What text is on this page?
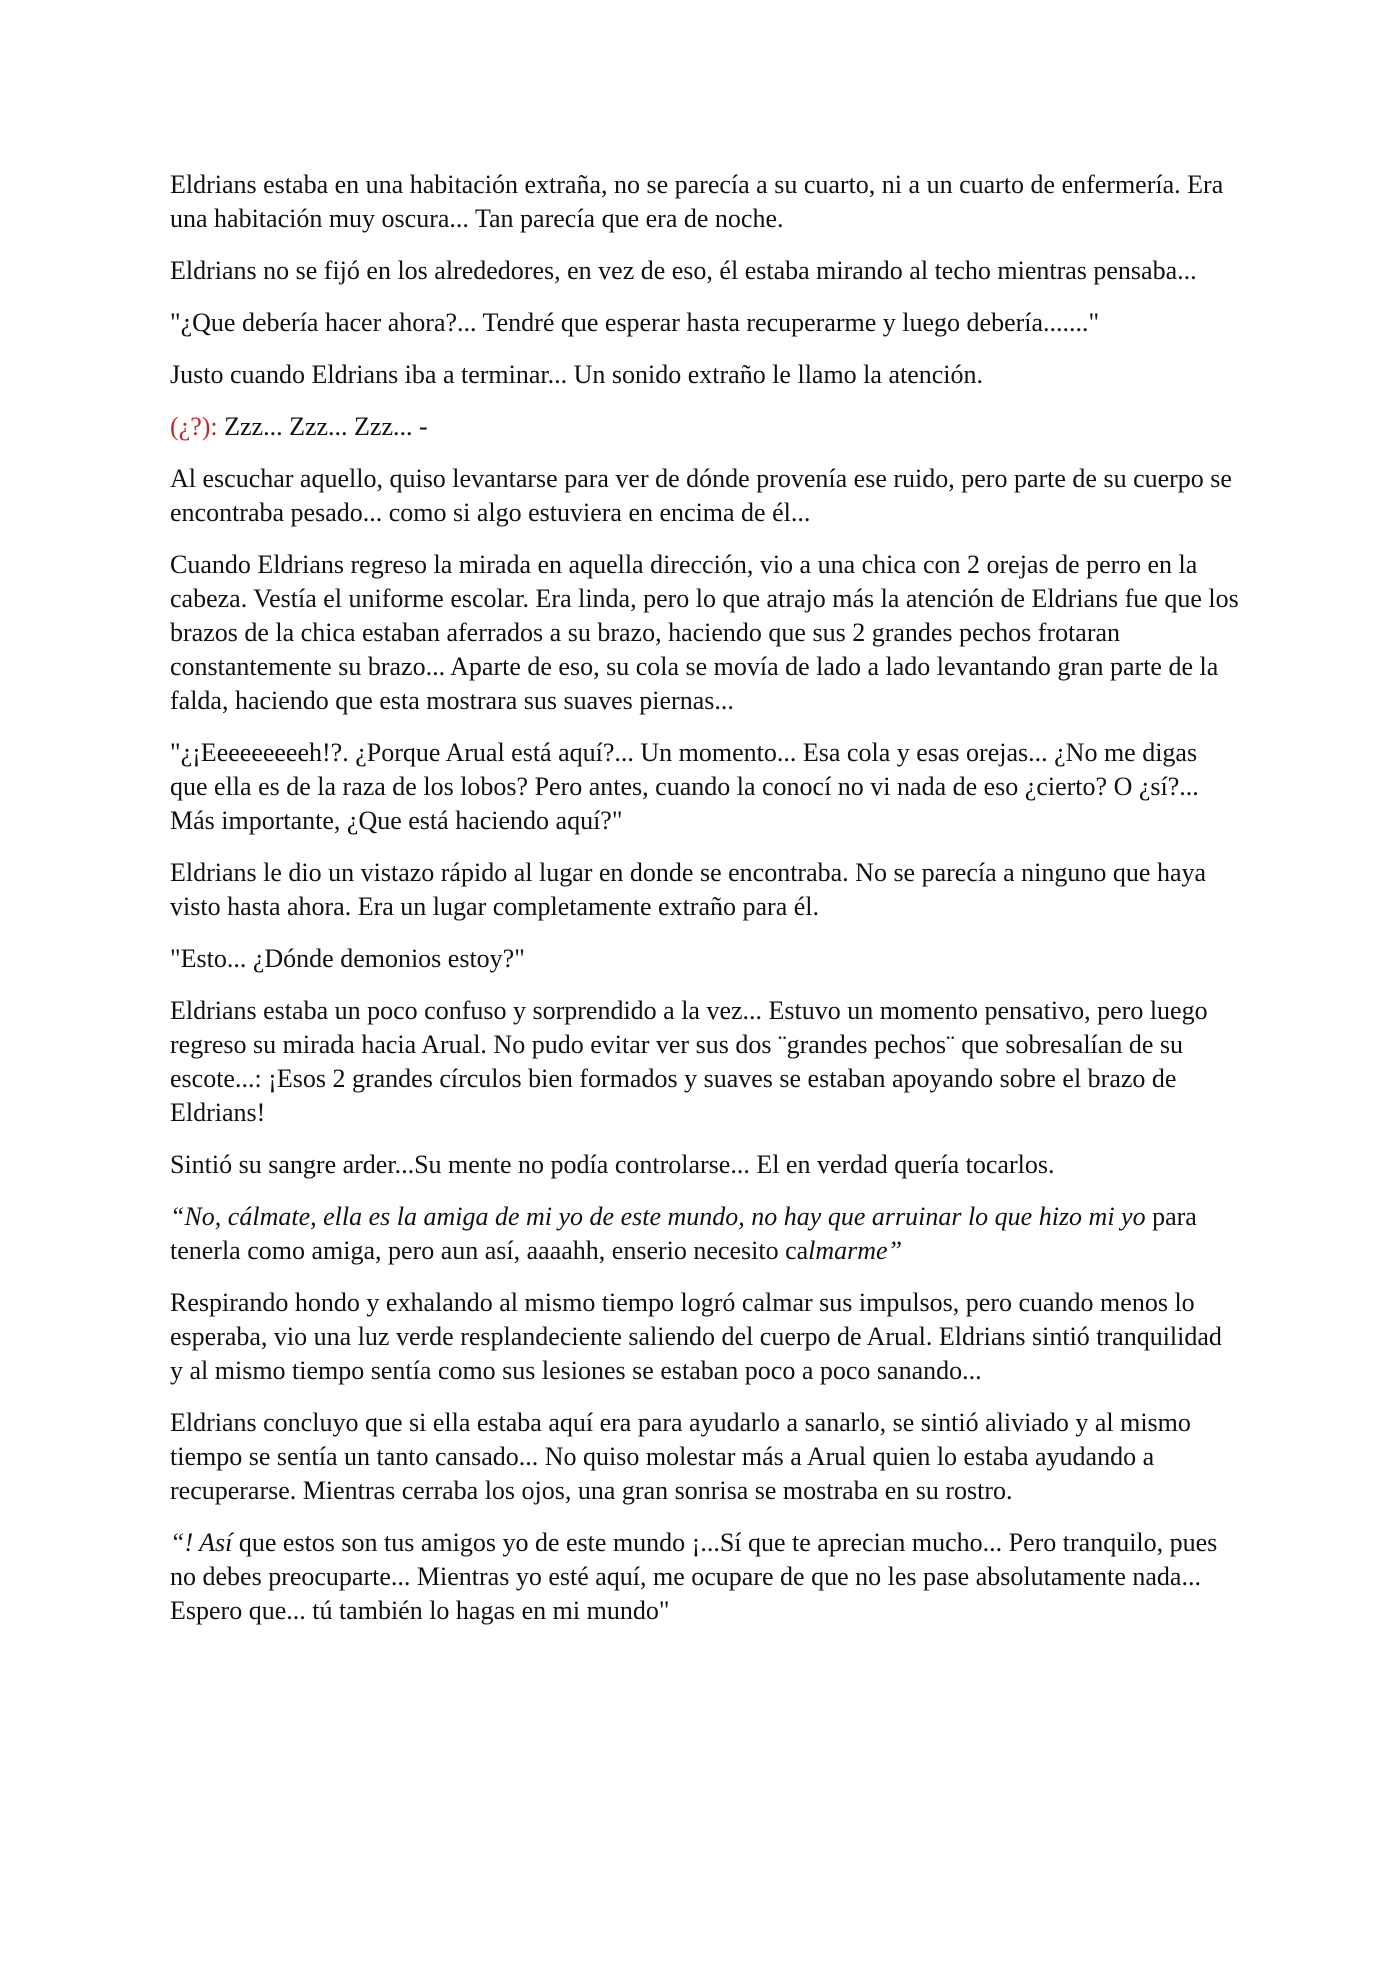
Eldrians estaba en una habitación extraña, no se parecía a su cuarto, ni a un cuarto de enfermería. Era una habitación muy oscura... Tan parecía que era de noche.

Eldrians no se fijó en los alrededores, en vez de eso, él estaba mirando al techo mientras pensaba...

"¿Que debería hacer ahora?... Tendré que esperar hasta recuperarme y luego debería......."

Justo cuando Eldrians iba a terminar... Un sonido extraño le llamo la atención.

(¿?): Zzz... Zzz... Zzz... -

Al escuchar aquello, quiso levantarse para ver de dónde provenía ese ruido, pero parte de su cuerpo se encontraba pesado... como si algo estuviera en encima de él...

Cuando Eldrians regreso la mirada en aquella dirección, vio a una chica con 2 orejas de perro en la cabeza. Vestía el uniforme escolar. Era linda, pero lo que atrajo más la atención de Eldrians fue que los brazos de la chica estaban aferrados a su brazo, haciendo que sus 2 grandes pechos frotaran constantemente su brazo... Aparte de eso, su cola se movía de lado a lado levantando gran parte de la falda, haciendo que esta mostrara sus suaves piernas...

"¿¡Eeeeeeeeeh!?. ¿Porque Arual está aquí?... Un momento... Esa cola y esas orejas... ¿No me digas que ella es de la raza de los lobos? Pero antes, cuando la conocí no vi nada de eso ¿cierto? O ¿sí?... Más importante, ¿Que está haciendo aquí?"

Eldrians le dio un vistazo rápido al lugar en donde se encontraba. No se parecía a ninguno que haya visto hasta ahora. Era un lugar completamente extraño para él.

"Esto... ¿Dónde demonios estoy?"

Eldrians estaba un poco confuso y sorprendido a la vez... Estuvo un momento pensativo, pero luego regreso su mirada hacia Arual. No pudo evitar ver sus dos ¨grandes pechos¨ que sobresalían de su escote...: ¡Esos 2 grandes círculos bien formados y suaves se estaban apoyando sobre el brazo de Eldrians!

Sintió su sangre arder...Su mente no podía controlarse... El en verdad quería tocarlos.

“No, cálmate, ella es la amiga de mi yo de este mundo, no hay que arruinar lo que hizo mi yo para tenerla como amiga, pero aun así, aaaahh, enserio necesito calmarme”

Respirando hondo y exhalando al mismo tiempo logró calmar sus impulsos, pero cuando menos lo esperaba, vio una luz verde resplandeciente saliendo del cuerpo de Arual. Eldrians sintió tranquilidad y al mismo tiempo sentía como sus lesiones se estaban poco a poco sanando...

Eldrians concluyo que si ella estaba aquí era para ayudarlo a sanarlo, se sintió aliviado y al mismo tiempo se sentía un tanto cansado... No quiso molestar más a Arual quien lo estaba ayudando a recuperarse. Mientras cerraba los ojos, una gran sonrisa se mostraba en su rostro.

“! Así que estos son tus amigos yo de este mundo ¡...Sí que te aprecian mucho... Pero tranquilo, pues no debes preocuparte... Mientras yo esté aquí, me ocupare de que no les pase absolutamente nada... Espero que... tú también lo hagas en mi mundo"
